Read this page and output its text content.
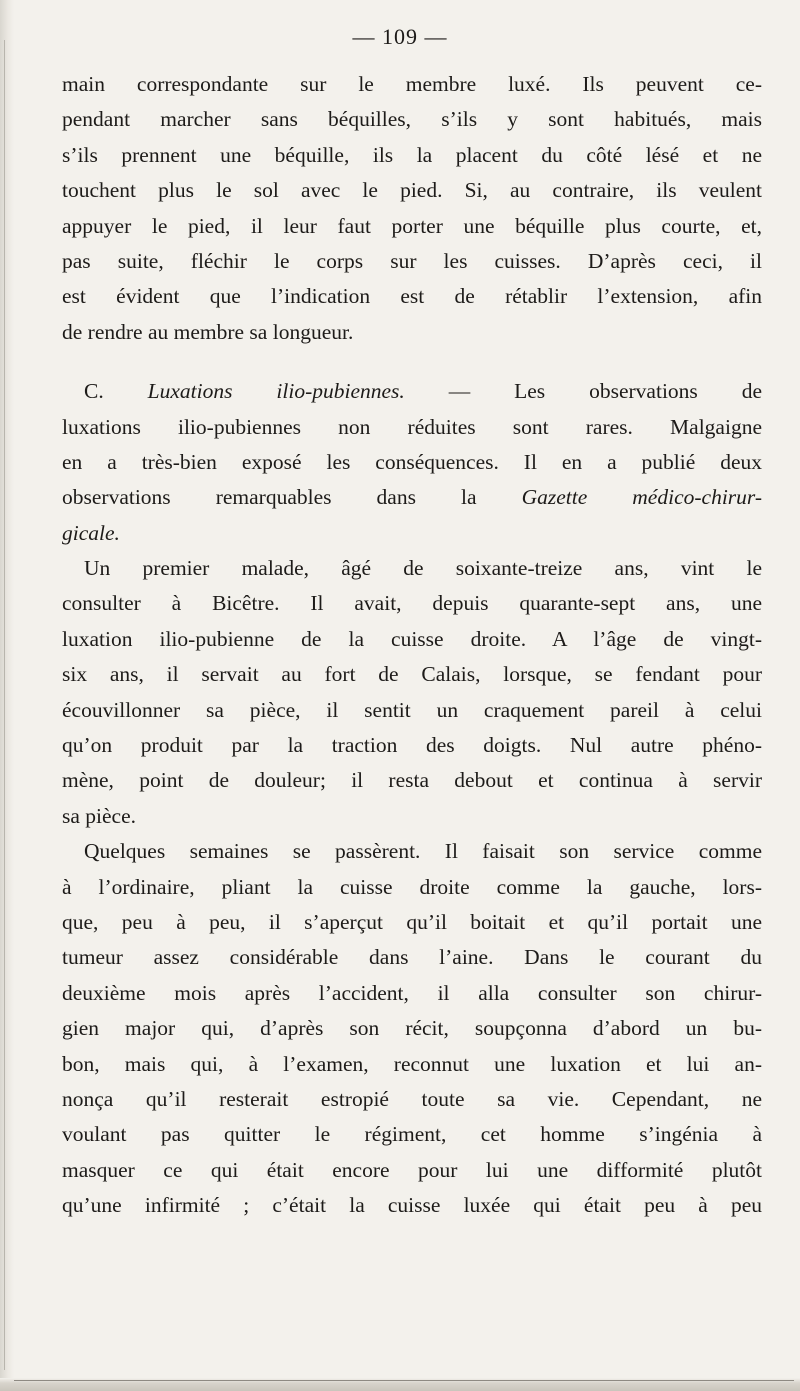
— 109 —
main correspondante sur le membre luxé. Ils peuvent ce-
pendant marcher sans béquilles, s’ils y sont habitués, mais
s’ils prennent une béquille, ils la placent du côté lésé et ne
touchent plus le sol avec le pied. Si, au contraire, ils veulent
appuyer le pied, il leur faut porter une béquille plus courte, et,
pas suite, fléchir le corps sur les cuisses. D’après ceci, il
est évident que l’indication est de rétablir l’extension, afin
de rendre au membre sa longueur.
C. Luxations ilio-pubiennes. — Les observations de
luxations ilio-pubiennes non réduites sont rares. Malgaigne
en a très-bien exposé les conséquences. Il en a publié deux
observations remarquables dans la Gazette médico-chirur-
gicale.
Un premier malade, âgé de soixante-treize ans, vint le
consulter à Bicêtre. Il avait, depuis quarante-sept ans, une
luxation ilio-pubienne de la cuisse droite. A l’âge de vingt-
six ans, il servait au fort de Calais, lorsque, se fendant pour
écouvillonner sa pièce, il sentit un craquement pareil à celui
qu’on produit par la traction des doigts. Nul autre phéno-
mène, point de douleur; il resta debout et continua à servir
sa pièce.
Quelques semaines se passèrent. Il faisait son service comme
à l’ordinaire, pliant la cuisse droite comme la gauche, lors-
que, peu à peu, il s’aperçut qu’il boitait et qu’il portait une
tumeur assez considérable dans l’aine. Dans le courant du
deuxième mois après l’accident, il alla consulter son chirur-
gien major qui, d’après son récit, soupçonna d’abord un bu-
bon, mais qui, à l’examen, reconnut une luxation et lui an-
nonça qu’il resterait estropié toute sa vie. Cependant, ne
voulant pas quitter le régiment, cet homme s’ingénia à
masquer ce qui était encore pour lui une difformité plutôt
qu’une infirmité ; c’était la cuisse luxée qui était peu à peu
